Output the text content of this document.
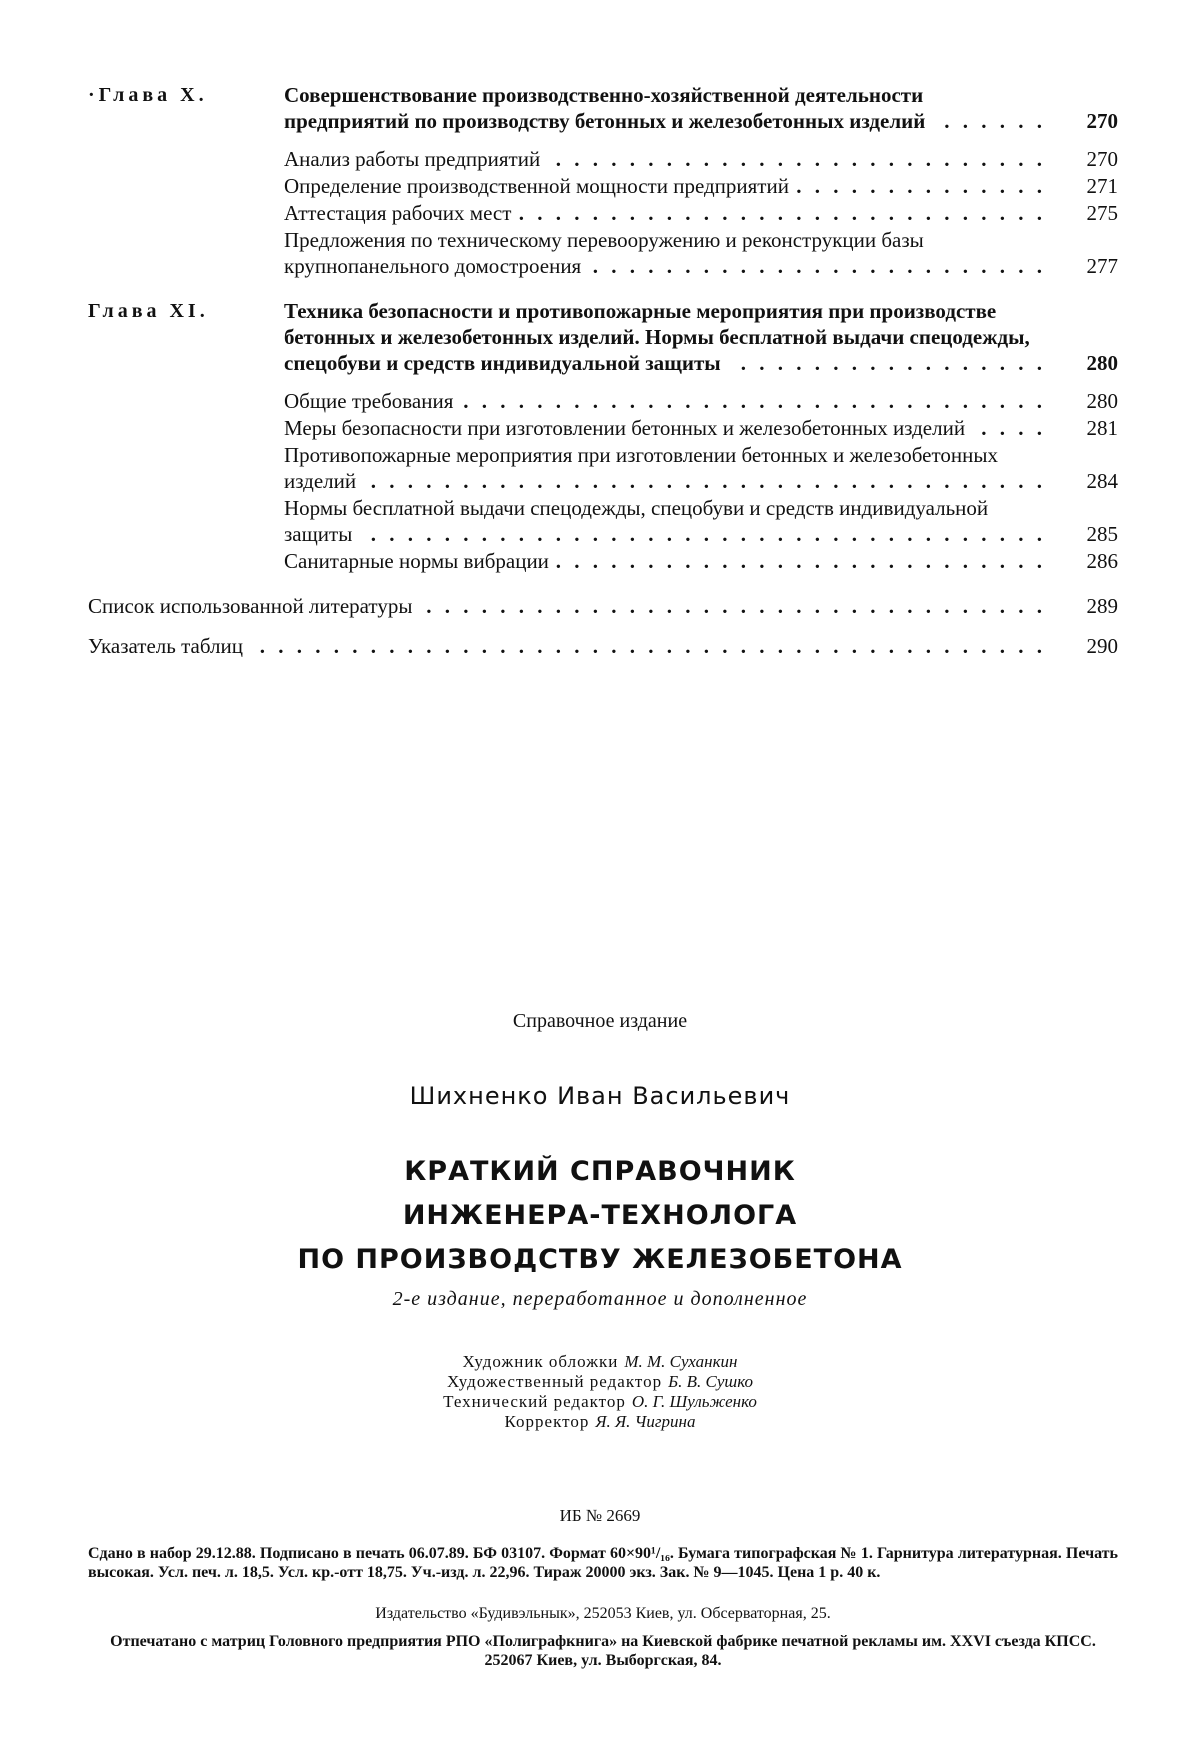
·Глава X.	Совершенствование производственно-хозяйственной деятельности предприятий по производству бетонных и железобетонных изделий . . .	270
Анализ работы предприятий . . .	270
Определение производственной мощности предприятий . . .	271
Аттестация рабочих мест . . .	275
Предложения по техническому перевооружению и реконструкции базы крупнопанельного домостроения . . .	277
Глава XI.	Техника безопасности и противопожарные мероприятия при производстве бетонных и железобетонных изделий. Нормы бесплатной выдачи спецодежды, спецобуви и средств индивидуальной защиты . . .	280
Общие требования . . .	280
Меры безопасности при изготовлении бетонных и железобетонных изделий . . .	281
Противопожарные мероприятия при изготовлении бетонных и железобетонных изделий . . .	284
Нормы бесплатной выдачи спецодежды, спецобуви и средств индивидуальной защиты . . .	285
Санитарные нормы вибрации . . .	286
Список использованной литературы . . .	289
Указатель таблиц . . .	290
Справочное издание
Шихненко Иван Васильевич
КРАТКИЙ СПРАВОЧНИК
ИНЖЕНЕРА-ТЕХНОЛОГА
ПО ПРОИЗВОДСТВУ ЖЕЛЕЗОБЕТОНА
2-е издание, переработанное и дополненное
Художник обложки М. М. Суханкин
Художественный редактор Б. В. Сушко
Технический редактор О. Г. Шульженко
Корректор Я. Я. Чигрина
ИБ № 2669
Сдано в набор 29.12.88. Подписано в печать 06.07.89. БФ 03107. Формат 60×90¹/₁₆. Бумага типографская № 1. Гарнитура литературная. Печать высокая. Усл. печ. л. 18,5. Усл. кр.-отт 18,75. Уч.-изд. л. 22,96. Тираж 20000 экз. Зак. № 9—1045. Цена 1 р. 40 к.
Издательство «Будивэльнык», 252053 Киев, ул. Обсерваторная, 25.
Отпечатано с матриц Головного предприятия РПО «Полиграфкнига» на Киевской фабрике печатной рекламы им. XXVI съезда КПСС. 252067 Киев, ул. Выборгская, 84.
